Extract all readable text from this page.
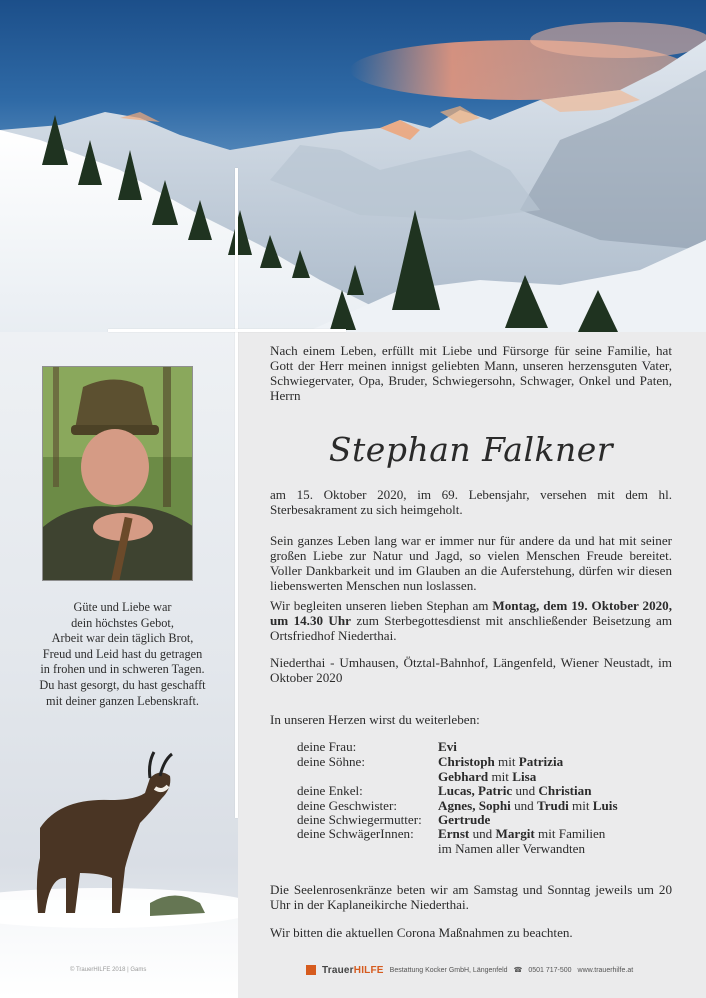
Güte und Liebe war
dein höchstes Gebot,
Arbeit war dein täglich Brot,
Freud und Leid hast du getragen
in frohen und in schweren Tagen.
Du hast gesorgt, du hast geschafft
mit deiner ganzen Lebenskraft.
Nach einem Leben, erfüllt mit Liebe und Fürsorge für seine Familie, hat Gott der Herr meinen innigst geliebten Mann, unseren herzensguten Vater, Schwiegervater, Opa, Bruder, Schwiegersohn, Schwager, Onkel und Paten, Herrn
Stephan Falkner
am 15. Oktober 2020, im 69. Lebensjahr, versehen mit dem hl. Sterbesakrament zu sich heimgeholt.
Sein ganzes Leben lang war er immer nur für andere da und hat mit seiner großen Liebe zur Natur und Jagd, so vielen Menschen Freude bereitet. Voller Dankbarkeit und im Glauben an die Auferstehung, dürfen wir diesen liebenswerten Menschen nun loslassen.
Wir begleiten unseren lieben Stephan am Montag, dem 19. Oktober 2020, um 14.30 Uhr zum Sterbegottesdienst mit anschließender Beisetzung am Ortsfriedhof Niederthai.
Niederthai - Umhausen, Ötztal-Bahnhof, Längenfeld, Wiener Neustadt, im Oktober 2020
In unseren Herzen wirst du weiterleben:
deine Frau:	Evi
deine Söhne:	Christoph mit Patrizia
Gebhard mit Lisa
deine Enkel:	Lucas, Patric und Christian
deine Geschwister:	Agnes, Sophi und Trudi mit Luis
deine Schwiegermutter: Gertrude
deine SchwägerInnen: Ernst und Margit mit Familien
im Namen aller Verwandten
Die Seelenrosenkränze beten wir am Samstag und Sonntag jeweils um 20 Uhr in der Kaplaneikirche Niederthai.
Wir bitten die aktuellen Corona Maßnahmen zu beachten.
© TrauerHILFE 2018 | Gams	TrauerHILFE Bestattung Kocker GmbH, Längenfeld ☎ 0501 717-500 www.trauerhilfe.at
